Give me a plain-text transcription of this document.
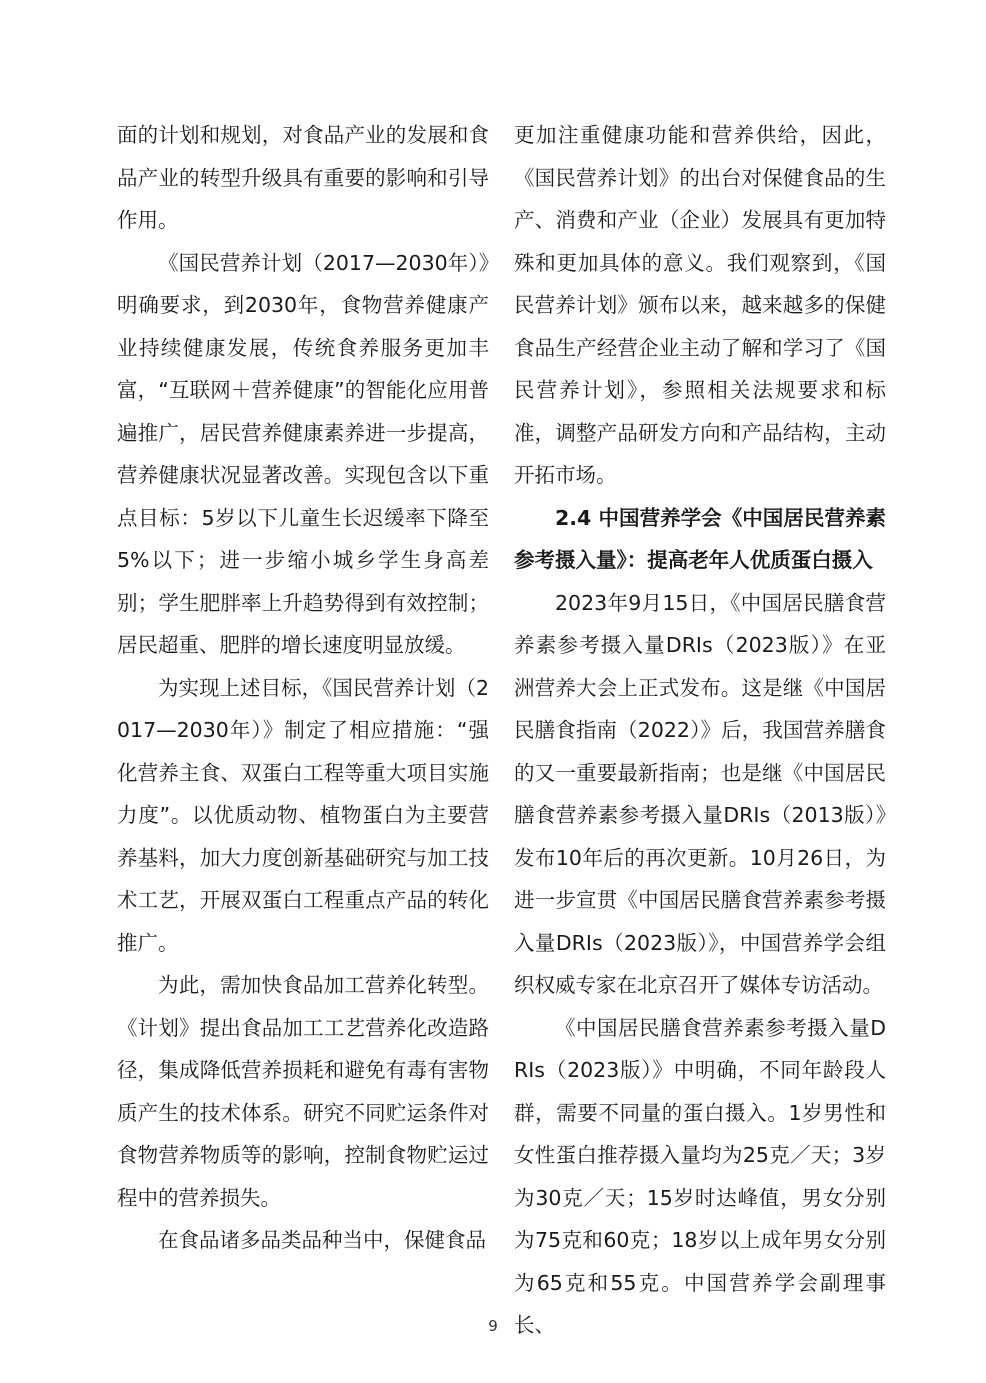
面的计划和规划，对食品产业的发展和食品产业的转型升级具有重要的影响和引导作用。

《国民营养计划（2017—2030年）》明确要求，到2030年，食物营养健康产业持续健康发展，传统食养服务更加丰富，“互联网＋营养健康”的智能化应用普遍推广，居民营养健康素养进一步提高，营养健康状况显著改善。实现包含以下重点目标：5岁以下儿童生长迟缓率下降至5%以下；进一步缩小城乡学生身高差别；学生肥胖率上升趋势得到有效控制；居民超重、肥胖的增长速度明显放缓。

为实现上述目标，《国民营养计划（2017—2030年）》制定了相应措施：“强化营养主食、双蛋白工程等重大项目实施力度”。以优质动物、植物蛋白为主要营养基料，加大力度创新基础研究与加工技术工艺，开展双蛋白工程重点产品的转化推广。

为此，需加快食品加工营养化转型。《计划》提出食品加工工艺营养化改造路径，集成降低营养损耗和避免有毒有害物质产生的技术体系。研究不同贮运条件对食物营养物质等的影响，控制食物贮运过程中的营养损失。

在食品诸多品类品种当中，保健食品

更加注重健康功能和营养供给，因此，《国民营养计划》的出台对保健食品的生产、消费和产业（企业）发展具有更加特殊和更加具体的意义。我们观察到，《国民营养计划》颁布以来，越来越多的保健食品生产经营企业主动了解和学习了《国民营养计划》，参照相关法规要求和标准，调整产品研发方向和产品结构，主动开拓市场。

2.4 中国营养学会《中国居民营养素参考摄入量》：提高老年人优质蛋白摄入

2023年9月15日，《中国居民膳食营养素参考摄入量DRIs（2023版）》在亚洲营养大会上正式发布。这是继《中国居民膳食指南（2022）》后，我国营养膳食的又一重要最新指南；也是继《中国居民膳食营养素参考摄入量DRIs（2013版）》发布10年后的再次更新。10月26日，为进一步宣贯《中国居民膳食营养素参考摄入量DRIs（2023版）》，中国营养学会组织权威专家在北京召开了媒体专访活动。

《中国居民膳食营养素参考摄入量DRIs（2023版）》中明确，不同年龄段人群，需要不同量的蛋白摄入。1岁男性和女性蛋白推荐摄入量均为25克／天；3岁为30克／天；15岁时达峰值，男女分别为75克和60克；18岁以上成年男女分别为65克和55克。中国营养学会副理事长、

9
